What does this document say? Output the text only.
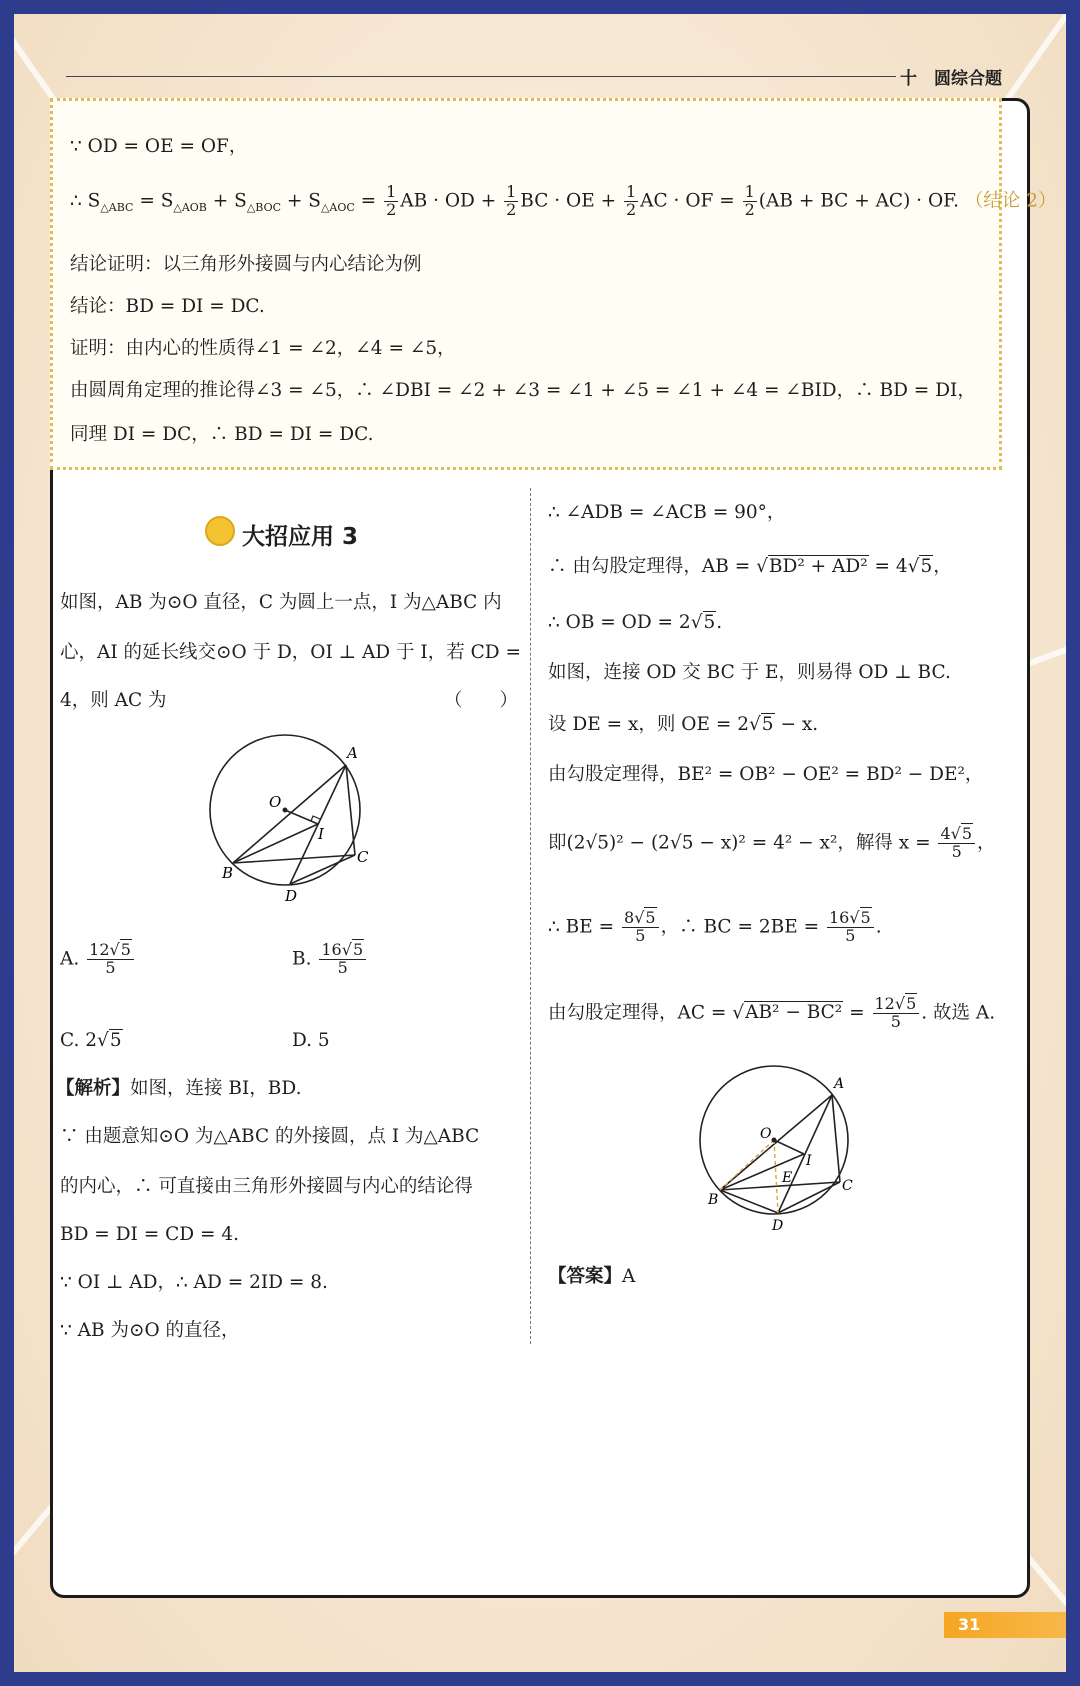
十　圆综合题
31
∵ OD = OE = OF，
∴ $S_{\triangle ABC} = S_{\triangle AOB} + S_{\triangle BOC} + S_{\triangle AOC} = \frac{1}{2}$ AB · OD + $\frac{1}{2}$ BC · OE + $\frac{1}{2}$ AC · OF = $\frac{1}{2} (AB$ + BC + AC) · OF. （结论 2）
结论证明：以三角形外接圆与内心结论为例
结论：BD = DI = DC.
证明：由内心的性质得∠1 = ∠2，∠4 = ∠5，
由圆周角定理的推论得∠3 = ∠5，∴ ∠DBI = ∠2 + ∠3 = ∠1 + ∠5 = ∠1 + ∠4 = ∠BID，∴ BD = DI，
同理 DI = DC，∴ BD = DI = DC.
大招应用 3
如图，AB 为⊙O 直径，C 为圆上一点，I 为△ABC 内
心，AI 的延长线交⊙O 于 D，OI ⊥ AD 于 I，若 CD =
4，则 AC 为	（　　）
A
O
I
B
C
D
A. $\frac{12√5}{5}$	B. $\frac{16√5}{5}$
C. 2√5	D. 5
【解析】如图，连接 BI，BD.
∵ 由题意知⊙O 为△ABC 的外接圆，点 I 为△ABC
的内心，∴ 可直接由三角形外接圆与内心的结论得
BD = DI = CD = 4.
∵ OI ⊥ AD，∴ AD = 2ID = 8.
∵ AB 为⊙O 的直径，
∴ ∠ADB = ∠ACB = 90°，
∴ 由勾股定理得，AB = √BD² + AD² = 4√5，
∴ OB = OD = 2√5.
如图，连接 OD 交 BC 于 E，则易得 OD ⊥ BC.
设 DE = x，则 OE = 2√5 − x.
由勾股定理得，BE² = OB² − OE² = BD² − DE²，
即(2√5)² − (2√5 − x)² = 4² − x²，解得 $x = \frac{4√5}{5}$ ，
∴ BE = $\frac{8√5}{5}$ ，∴ BC = $2BE = \frac{16√5}{5}$ .
由勾股定理得，AC = $√AB^2 - BC^2 = \frac{12√5}{5}$ . 故选 A.
A
O
I
E
B
C
D
【答案】A
